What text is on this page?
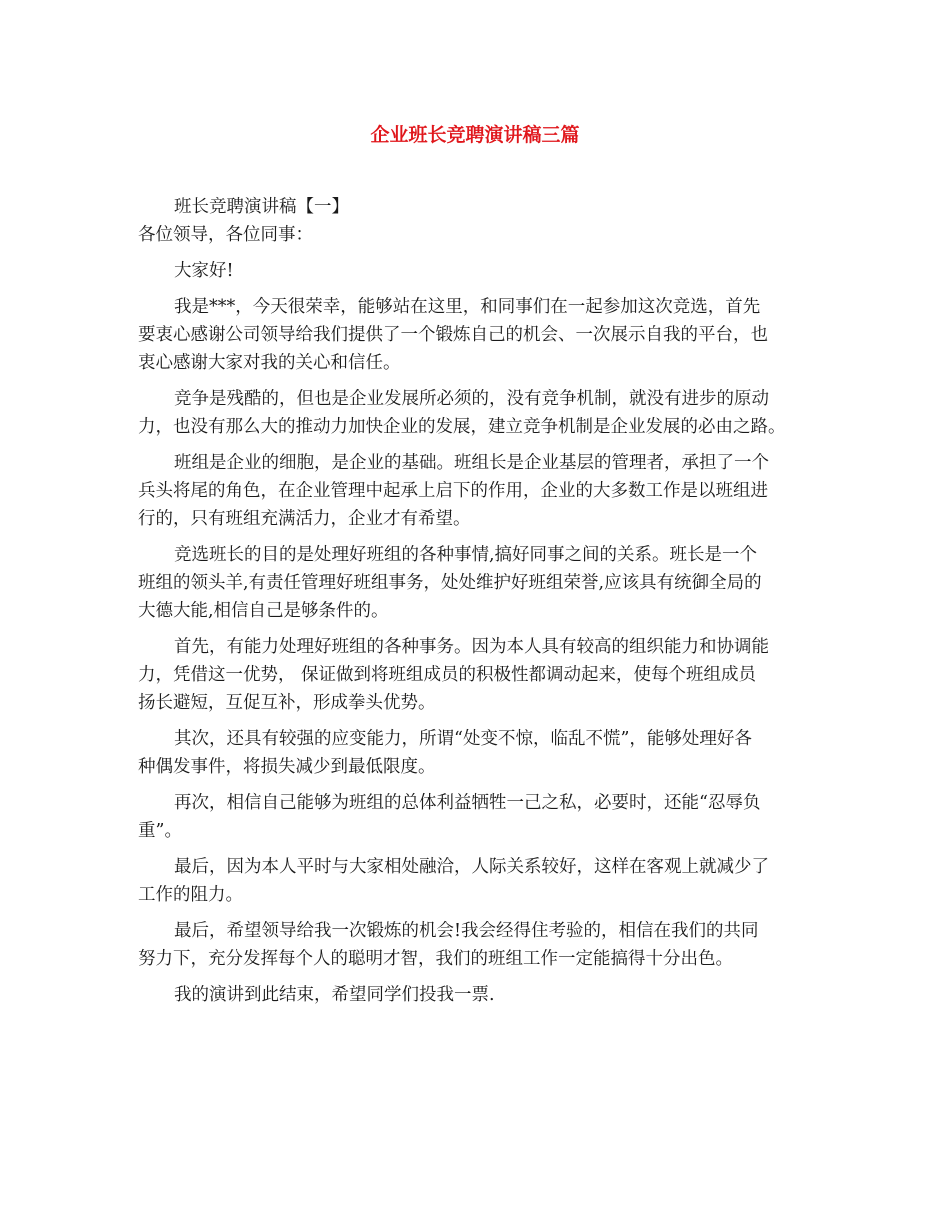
企业班长竞聘演讲稿三篇
班长竞聘演讲稿【一】
各位领导，各位同事：
大家好!
我是***，今天很荣幸，能够站在这里，和同事们在一起参加这次竞选，首先
要衷心感谢公司领导给我们提供了一个锻炼自己的机会、一次展示自我的平台，也
衷心感谢大家对我的关心和信任。
竞争是残酷的，但也是企业发展所必须的，没有竞争机制，就没有进步的原动
力，也没有那么大的推动力加快企业的发展，建立竞争机制是企业发展的必由之路。
班组是企业的细胞，是企业的基础。班组长是企业基层的管理者，承担了一个
兵头将尾的角色，在企业管理中起承上启下的作用，企业的大多数工作是以班组进
行的，只有班组充满活力，企业才有希望。
竞选班长的目的是处理好班组的各种事情,搞好同事之间的关系。班长是一个
班组的领头羊,有责任管理好班组事务，处处维护好班组荣誉,应该具有统御全局的
大德大能,相信自己是够条件的。
首先，有能力处理好班组的各种事务。因为本人具有较高的组织能力和协调能
力，凭借这一优势， 保证做到将班组成员的积极性都调动起来，使每个班组成员
扬长避短，互促互补，形成拳头优势。
其次，还具有较强的应变能力，所谓“处变不惊，临乱不慌”，能够处理好各
种偶发事件，将损失减少到最低限度。
再次，相信自己能够为班组的总体利益牺牲一己之私，必要时，还能“忍辱负
重”。
最后，因为本人平时与大家相处融洽，人际关系较好，这样在客观上就减少了
工作的阻力。
最后，希望领导给我一次锻炼的机会!我会经得住考验的，相信在我们的共同
努力下，充分发挥每个人的聪明才智，我们的班组工作一定能搞得十分出色。
我的演讲到此结束，希望同学们投我一票.
